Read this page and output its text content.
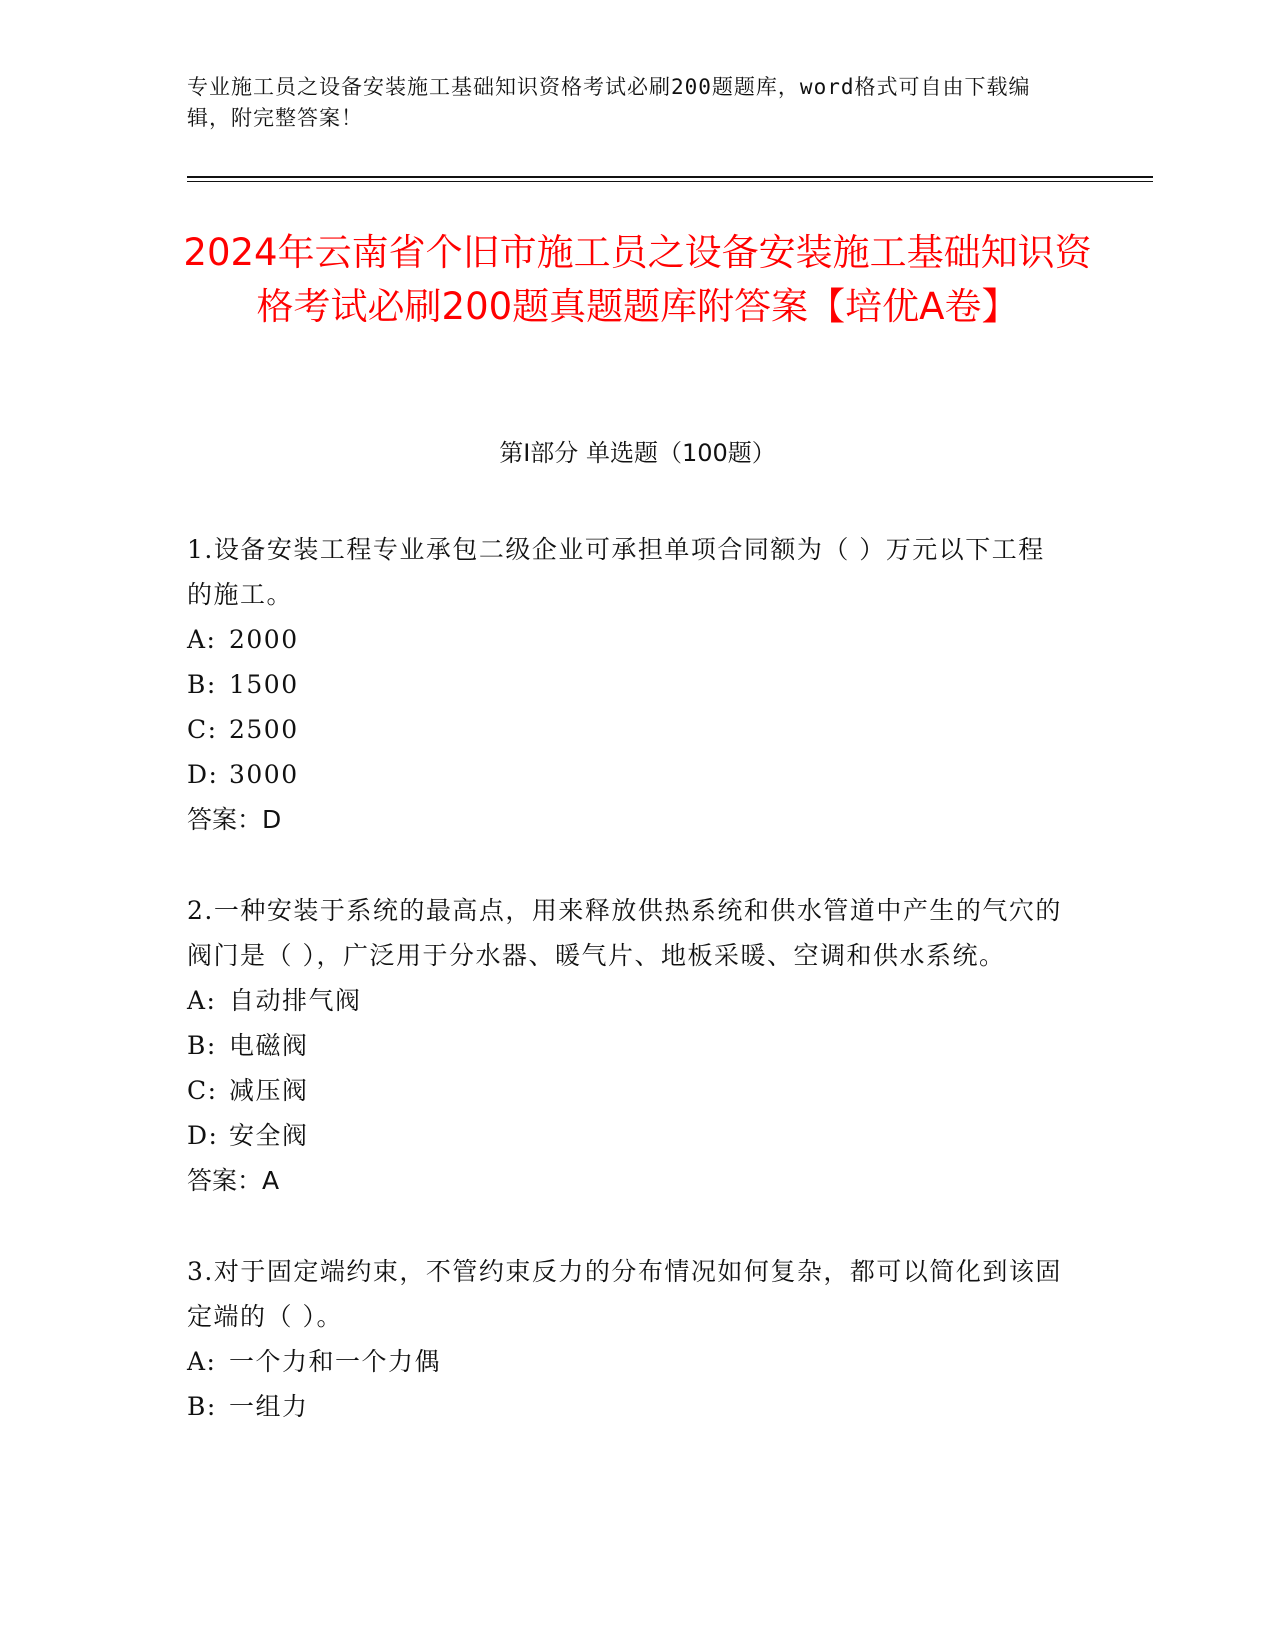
专业施工员之设备安装施工基础知识资格考试必刷200题题库，word格式可自由下载编辑，附完整答案！
2024年云南省个旧市施工员之设备安装施工基础知识资格考试必刷200题真题题库附答案【培优A卷】
第Ⅰ部分 单选题（100题）

1.设备安装工程专业承包二级企业可承担单项合同额为（ ）万元以下工程的施工。

A: 2000
B: 1500
C: 2500
D: 3000
答案：D

2.一种安装于系统的最高点，用来释放供热系统和供水管道中产生的气穴的阀门是（ ），广泛用于分水器、暖气片、地板采暖、空调和供水系统。

A: 自动排气阀
B: 电磁阀
C: 减压阀
D: 安全阀
答案：A

3.对于固定端约束，不管约束反力的分布情况如何复杂，都可以简化到该固定端的（ ）。

A: 一个力和一个力偶
B: 一组力
